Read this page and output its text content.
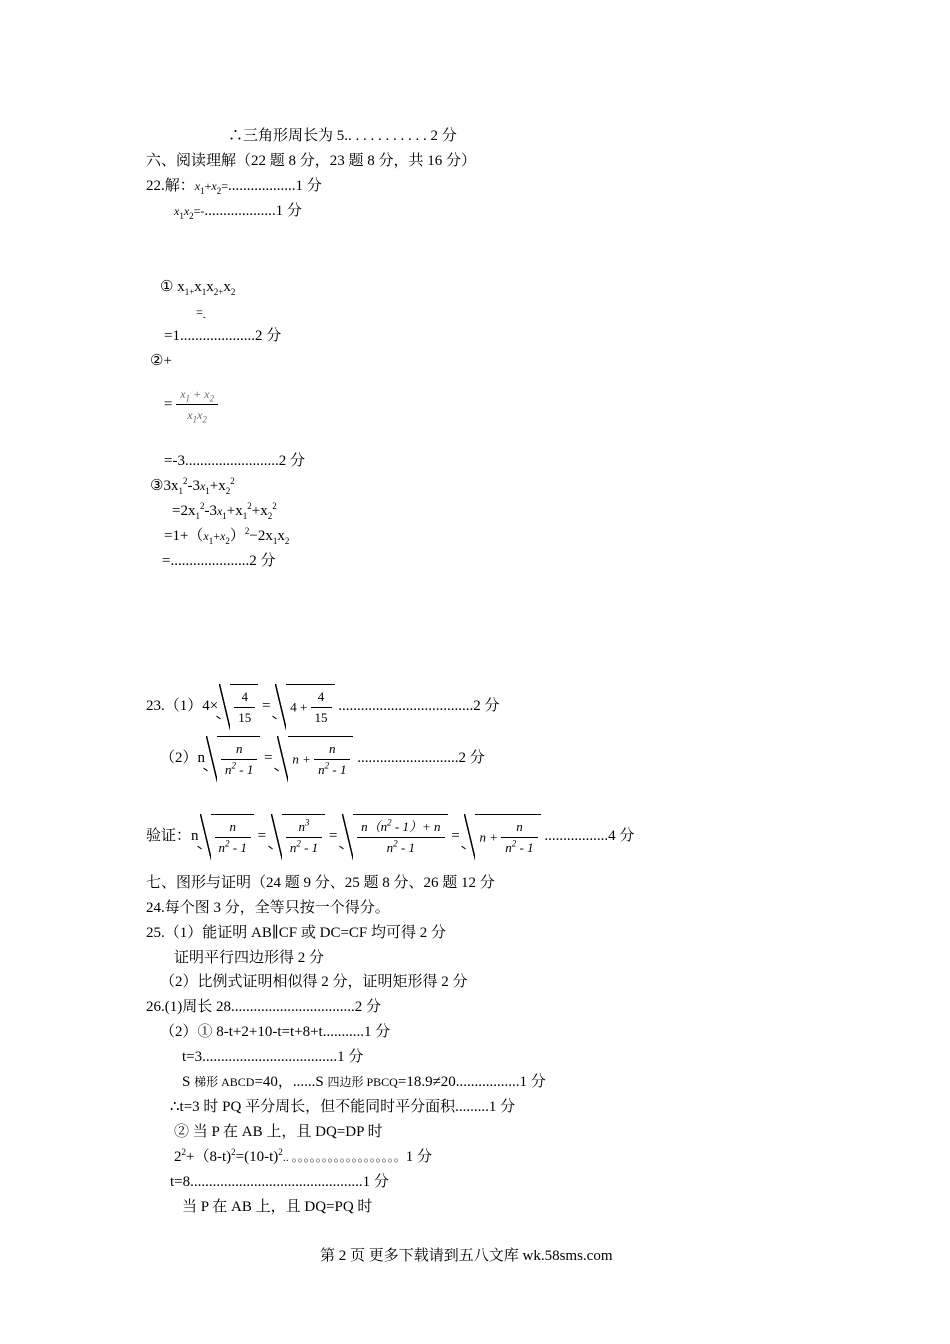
∴三角形周长为 5.. . . . . . . . . . . 2 分
六、阅读理解（22 题 8 分，23 题 8 分，共 16 分）
22.解：$x_1+x_2=..................1$ 分
$x_1x_2=-...................1$ 分
① $x_{1+}x_1x_{2+}x_2$
$=_-$
=1....................2 分
②+
= $\frac{x_1 + x_2}{x_1x_2}$
=-3.........................2 分
$③3x_1^2-3x_1+x_2^2$
$=2x_1^2-3x_1+x_1^2+x_2^2$
$=1+(x_1+x_2)^2-2x_1x_2$
=.....................2 分
$23.(1)4\times \frac{4}{15} = 4 + \frac{4}{15} ....................................2$ 分
$(2)n \frac{n}{n^2 - 1} = n + \frac{n}{n^2 - 1} ...........................2$ 分
验证：n $\frac{n}{n^2 - 1} = \frac{n^3}{n^2 - 1} = \frac{n(n^2 - 1)+ n}{n^2 - 1} = n + \frac{n}{n^2 - 1} .................4$ 分
七、图形与证明（24 题 9 分、25 题 8 分、26 题 12 分
24.每个图 3 分，全等只按一个得分。
25.（1）能证明 AB∥CF 或 DC=CF 均可得 2 分
证明平行四边形得 2 分
（2）比例式证明相似得 2 分，证明矩形得 2 分
26.(1)周长 28.................................2 分
（2）① 8-t+2+10-t=t+8+t...........1 分
t=3....................................1 分
S 梯形 ABCD=40，......S 四边形 PBCQ=18.9≠20.................1 分
∴t=3 时 PQ 平分周长，但不能同时平分面积.........1 分
② 当 P 在 AB 上，且 DQ=DP 时
$2^2+(8-t)^2=(10-t)^2$.. 。。。。。。。。。。。。。。。。。。1 分
t=8..............................................1 分
当 P 在 AB 上，且 DQ=PQ 时
第 2 页 更多下载请到五八文库 wk.58sms.com
